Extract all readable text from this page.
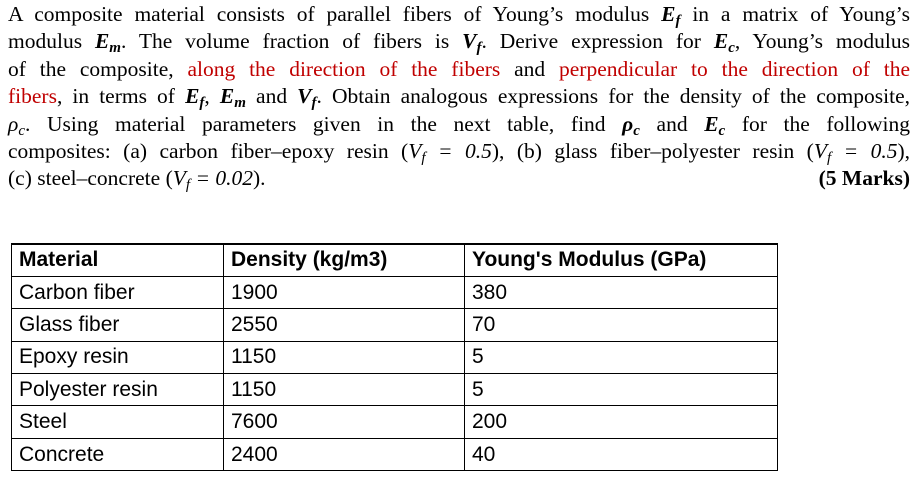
A composite material consists of parallel fibers of Young’s modulus $E_f$ in a matrix of Young’s
modulus $E_m$. The volume fraction of fibers is $V_f$. Derive expression for $E_c$, Young’s modulus
of the composite, along the direction of the fibers and perpendicular to the direction of the
fibers, in terms of $E_f$, $E_m$ and $V_f$. Obtain analogous expressions for the density of the composite,
$\rho_c$. Using material parameters given in the next table, find $\rho_c$ and $E_c$ for the following
composites: (a) carbon fiber–epoxy resin $(V_f = 0.5)$, (b) glass fiber–polyester resin $(V_f = 0.5)$,
(c) steel–concrete $(V_f = 0.02)$.	(5 Marks)
Material	Density (kg/m3)	Young's Modulus (GPa)
Carbon fiber	1900	380
Glass fiber	2550	70
Epoxy resin	1150	5
Polyester resin	1150	5
Steel	7600	200
Concrete	2400	40
